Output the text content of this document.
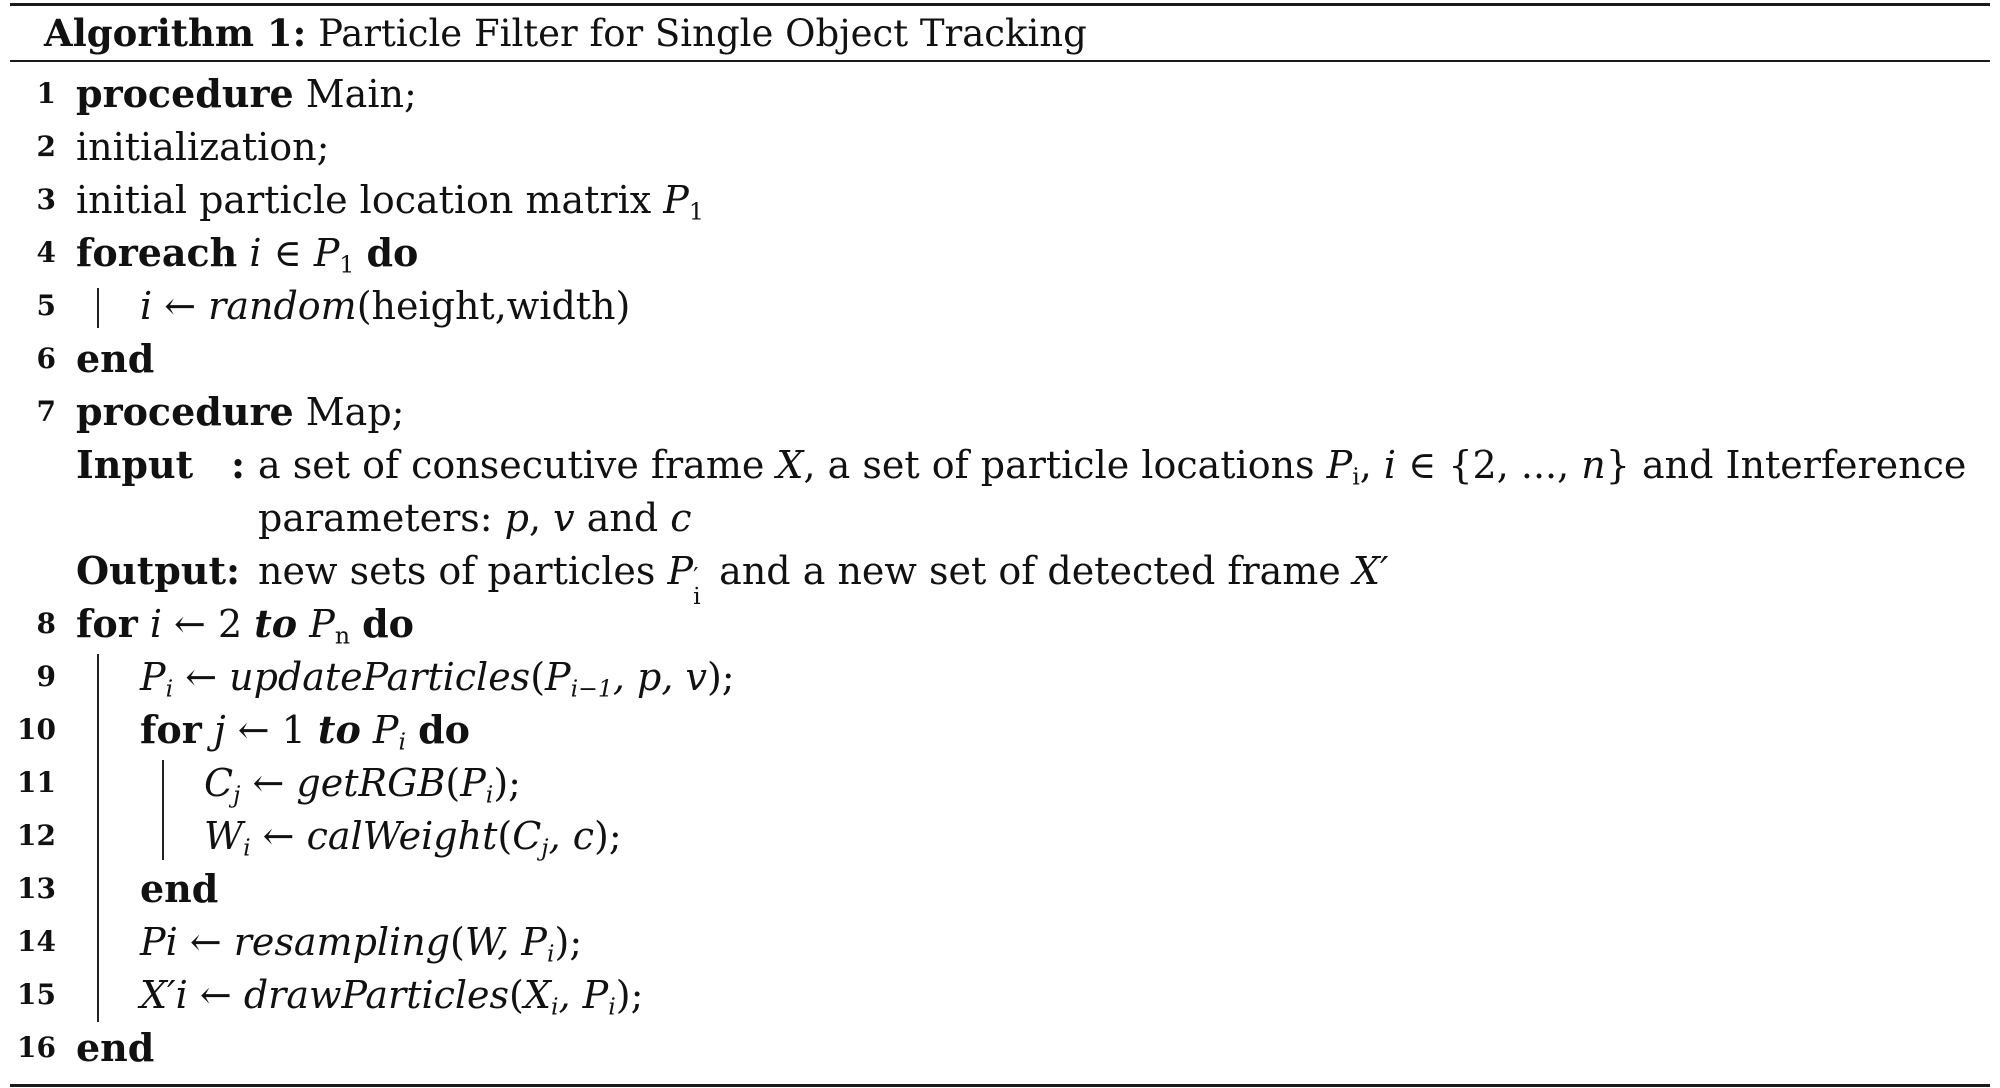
Algorithm 1: Particle Filter for Single Object Tracking
1 procedure Main;
2 initialization;
3 initial particle location matrix $P_1$
4 foreach i ∈ $P_1$ do
5 i ← random(height,width)
6 end
7 procedure Map;
Input : a set of consecutive frame X, a set of particle locations $P_i$, i ∈ {2, ..., n} and Interference
parameters: p, v and c
Output: new sets of particles P ′
i
and a new set of detected frame X′
8 for i ← 2 to $P_n$ do
9 $P_i$ ← $updateParticles(P_{i-1}$, p, v);
10 for j ← 1 to $P_i$ do
11	$C_j$ ← $getRGB(P_i)$;
12	$W_i$ ← $calWeight(C_j$, c);
13 end
14 Pi ← resampling(W, $P_i$);
15 X′i ← $drawParticles(X_i$, $P_i$);
16 end
